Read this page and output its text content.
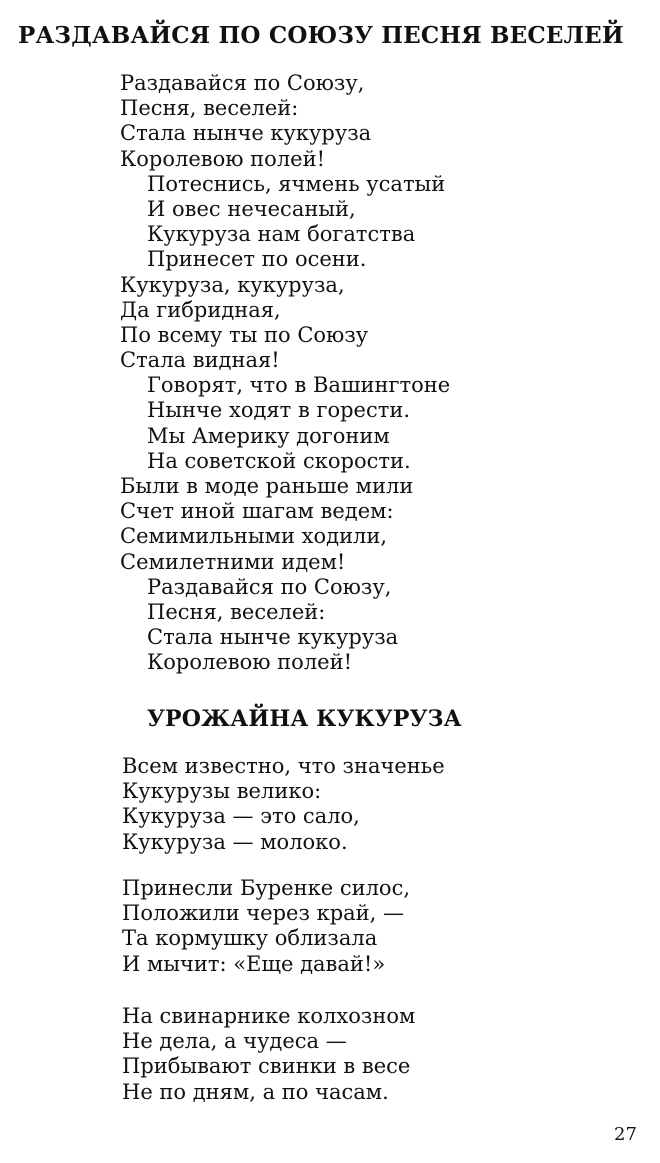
РАЗДАВАЙСЯ ПО СОЮЗУ ПЕСНЯ ВЕСЕЛЕЙ
Раздавайся по Союзу,
Песня, веселей:
Стала нынче кукуруза
Королевою полей!
Потеснись, ячмень усатый
И овес нечесаный,
Кукуруза нам богатства
Принесет по осени.
Кукуруза, кукуруза,
Да гибридная,
По всему ты по Союзу
Стала видная!
Говорят, что в Вашингтоне
Нынче ходят в горести.
Мы Америку догоним
На советской скорости.
Были в моде раньше мили
Счет иной шагам ведем:
Семимильными ходили,
Семилетними идем!
Раздавайся по Союзу,
Песня, веселей:
Стала нынче кукуруза
Королевою полей!
УРОЖАЙНА КУКУРУЗА
Всем известно, что значенье
Кукурузы велико:
Кукуруза — это сало,
Кукуруза — молоко.
Принесли Буренке силос,
Положили через край, —
Та кормушку облизала
И мычит: «Еще давай!»
На свинарнике колхозном
Не дела, а чудеса —
Прибывают свинки в весе
Не по дням, а по часам.
27
